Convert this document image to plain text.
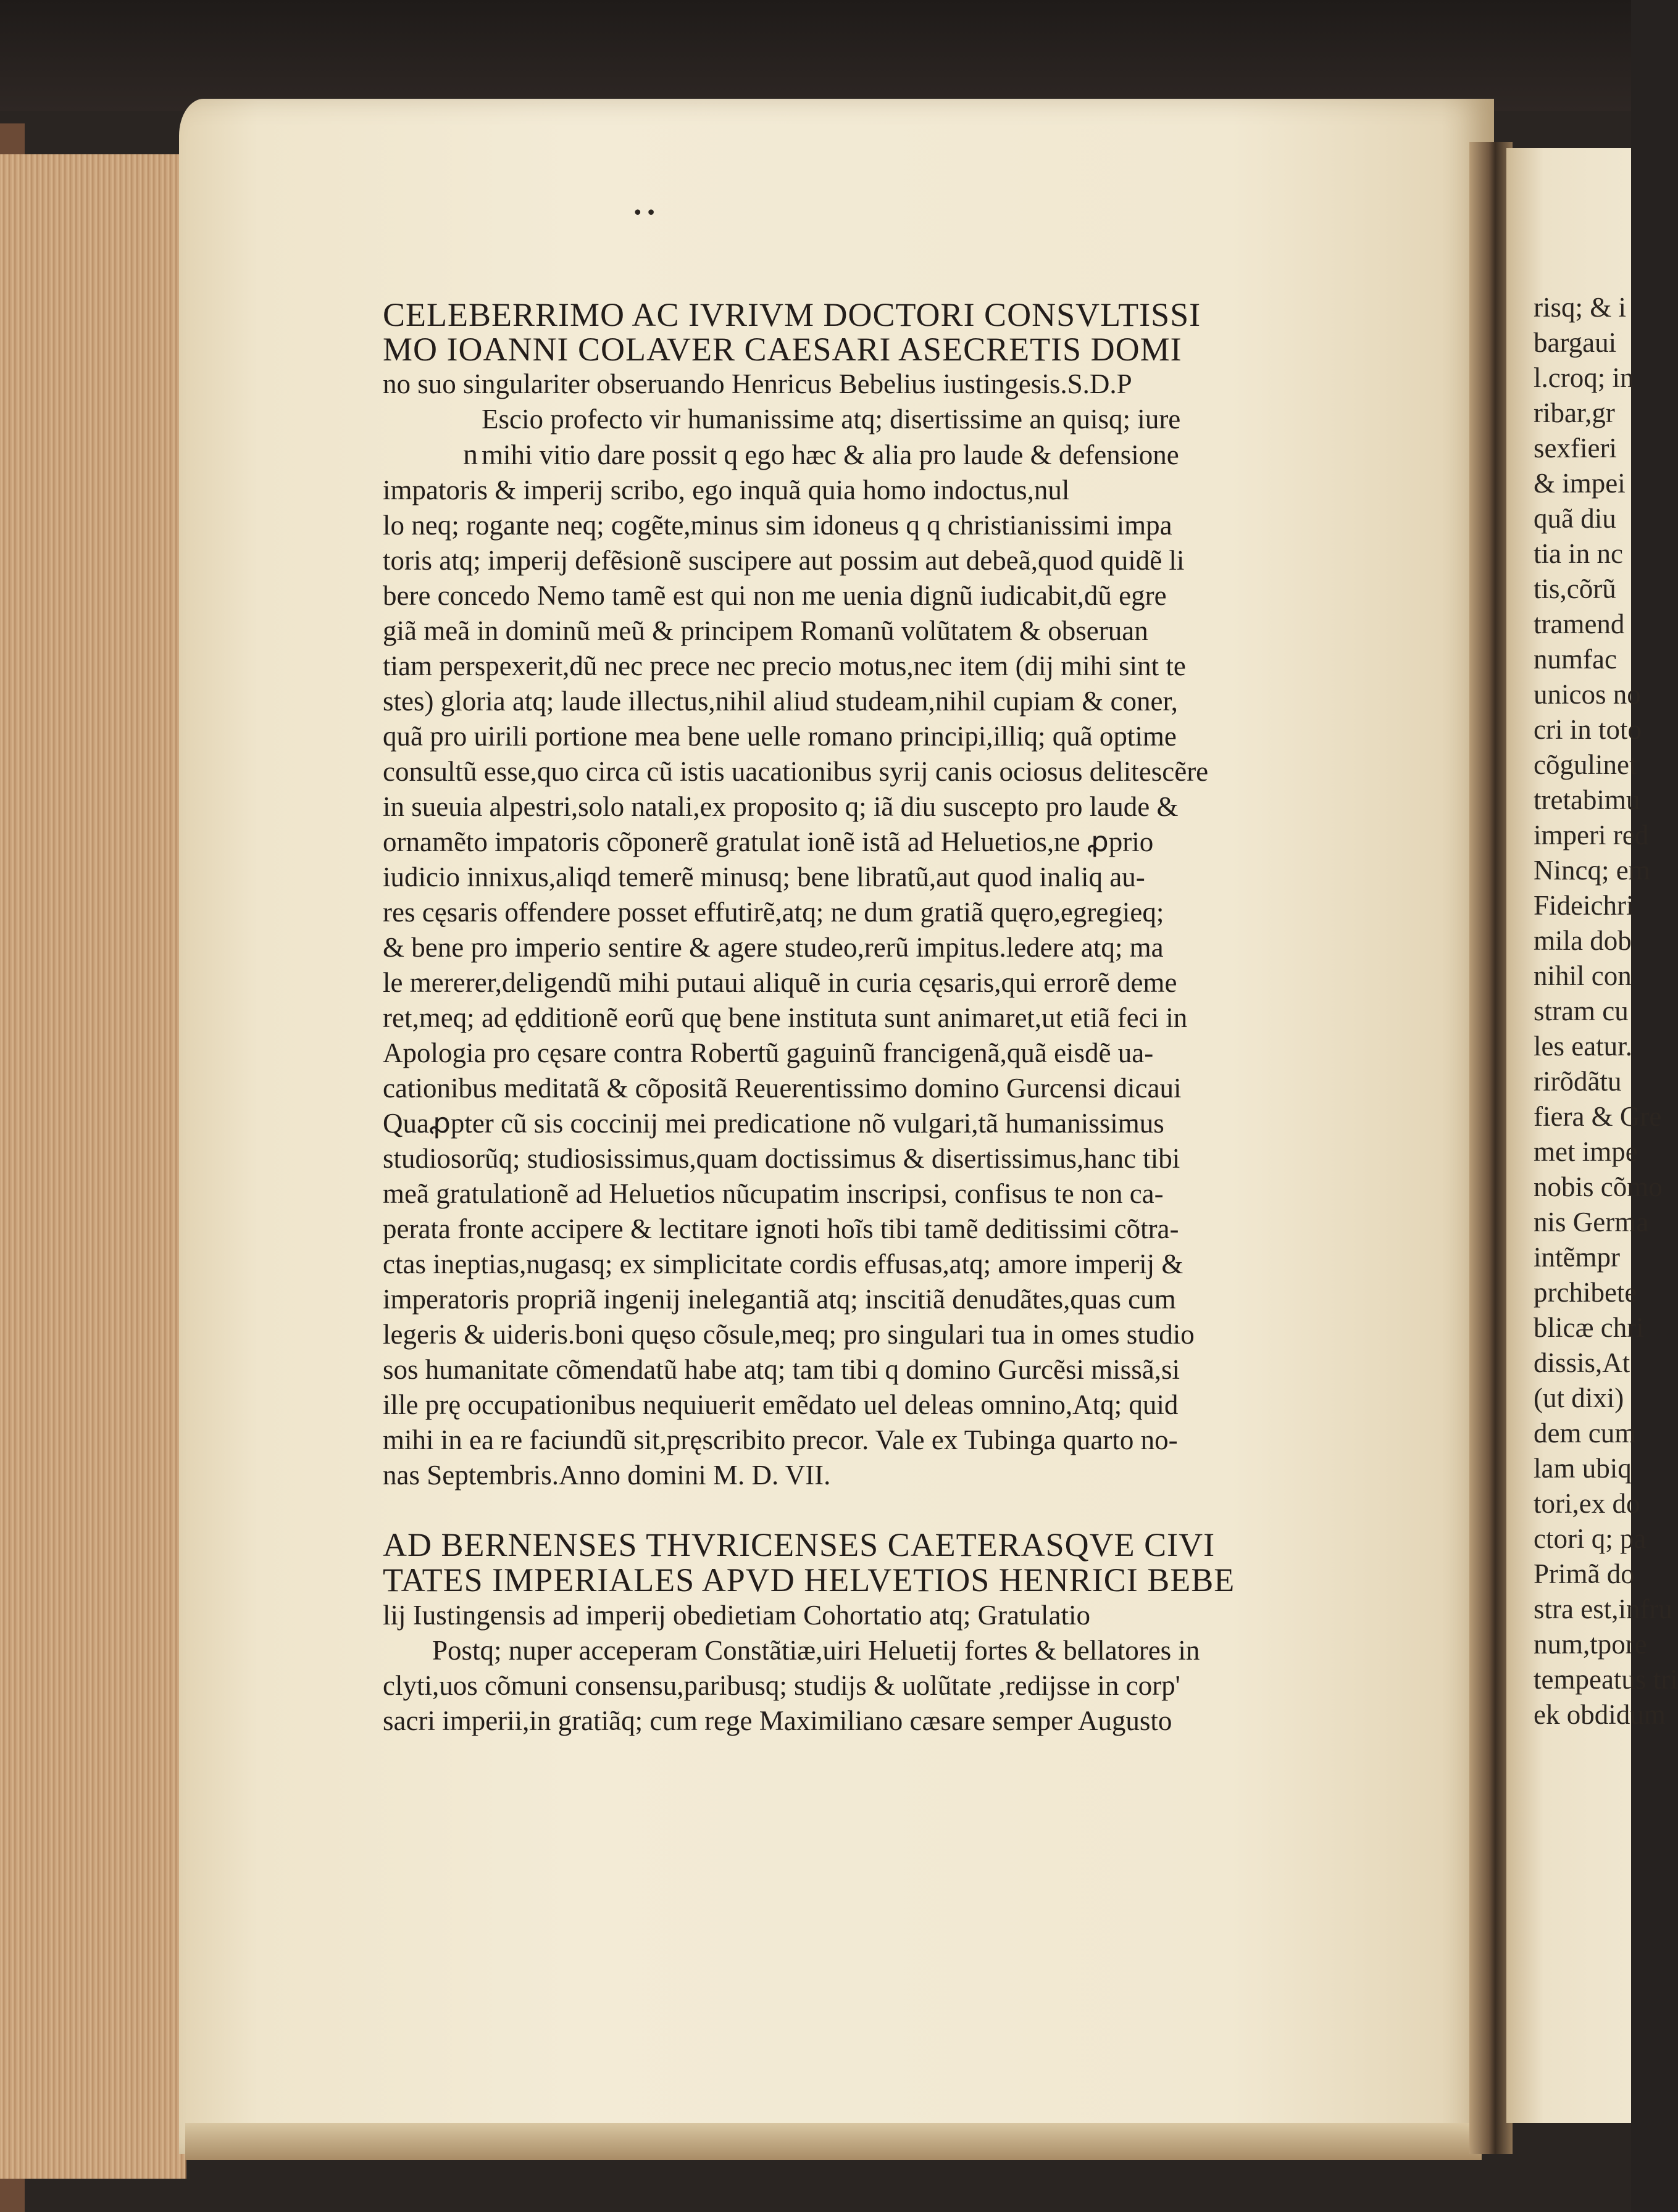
risq; & i
bargaui
l.croq; in
ribar,gr
sexfieri
& impei
quã diu
tia in nc
tis,cõrũ
tramend
numfac
unicos no
cri in toto
cõgulinet
tretabimu
imperi red
Nincq; em
Fideichri
mila dob
nihil con
stram cu
les eatur.
rirõdãtu
fiera & Gre
met impe
nobis cõmo
nis Germa
intẽmpr
prchibete
blicæ chri
dissis,At
(ut dixi)
dem cum
lam ubiq
tori,ex do
ctori q; pa
Primã do
stra est,infru
num,tpore
tempeatus tri
ek obdidum
••
CELEBERRIMO AC IVRIVM DOCTORI CONSVLTISSI
MO IOANNI COLAVER CAESARI ASECRETIS DOMI
no suo singulariter obseruando Henricus Bebelius iustingesis.S.D.P
Escio profecto vir humanissime atq; disertissime an quisq; iure
n mihi vitio dare possit q ego hæc & alia pro laude & defensione
impatoris & imperij scribo, ego inquã quia homo indoctus,nul
lo neq; rogante neq; cogẽte,minus sim idoneus q q christianissimi impa
toris atq; imperij defẽsionẽ suscipere aut possim aut debeã,quod quidẽ li
bere concedo Nemo tamẽ est qui non me uenia dignũ iudicabit,dũ egre
giã meã in dominũ meũ & principem Romanũ volũtatem & obseruan
tiam perspexerit,dũ nec prece nec precio motus,nec item (dij mihi sint te
stes) gloria atq; laude illectus,nihil aliud studeam,nihil cupiam & coner,
quã pro uirili portione mea bene uelle romano principi,illiq; quã optime
consultũ esse,quo circa cũ istis uacationibus syrij canis ociosus delitescẽre
in sueuia alpestri,solo natali,ex proposito q; iã diu suscepto pro laude &
ornamẽto impatoris cõponerẽ gratulat ionẽ istã ad Heluetios,ne ꝓprio
iudicio innixus,aliqd temerẽ minusq; bene libratũ,aut quod inaliq au-
res cęsaris offendere posset effutirẽ,atq; ne dum gratiã quęro,egregieq;
& bene pro imperio sentire & agere studeo,rerũ impitus.ledere atq; ma
le mererer,deligendũ mihi putaui aliquẽ in curia cęsaris,qui errorẽ deme
ret,meq; ad ędditionẽ eorũ quę bene instituta sunt animaret,ut etiã feci in
Apologia pro cęsare contra Robertũ gaguinũ francigenã,quã eisdẽ ua-
cationibus meditatã & cõpositã Reuerentissimo domino Gurcensi dicaui
Quaꝓpter cũ sis coccinij mei predicatione nõ vulgari,tã humanissimus
studiosorũq; studiosissimus,quam doctissimus & disertissimus,hanc tibi
meã gratulationẽ ad Heluetios nũcupatim inscripsi, confisus te non ca-
perata fronte accipere & lectitare ignoti hoĩs tibi tamẽ deditissimi cõtra-
ctas ineptias,nugasq; ex simplicitate cordis effusas,atq; amore imperij &
imperatoris propriã ingenij inelegantiã atq; inscitiã denudãtes,quas cum
legeris & uideris.boni quęso cõsule,meq; pro singulari tua in omes studio
sos humanitate cõmendatũ habe atq; tam tibi q domino Gurcẽsi missã,si
ille prę occupationibus nequiuerit emẽdato uel deleas omnino,Atq; quid
mihi in ea re faciundũ sit,pręscribito precor. Vale ex Tubinga quarto no-
nas Septembris.Anno domini M. D. VII.
AD BERNENSES THVRICENSES CAETERASQVE CIVI
TATES IMPERIALES APVD HELVETIOS HENRICI BEBE
lij Iustingensis ad imperij obedietiam Cohortatio atq; Gratulatio
Postq; nuper acceperam Constãtiæ,uiri Heluetij fortes & bellatores in
clyti,uos cõmuni consensu,paribusq; studijs & uolũtate ,redijsse in corp'
sacri imperii,in gratiãq; cum rege Maximiliano cæsare semper Augusto
